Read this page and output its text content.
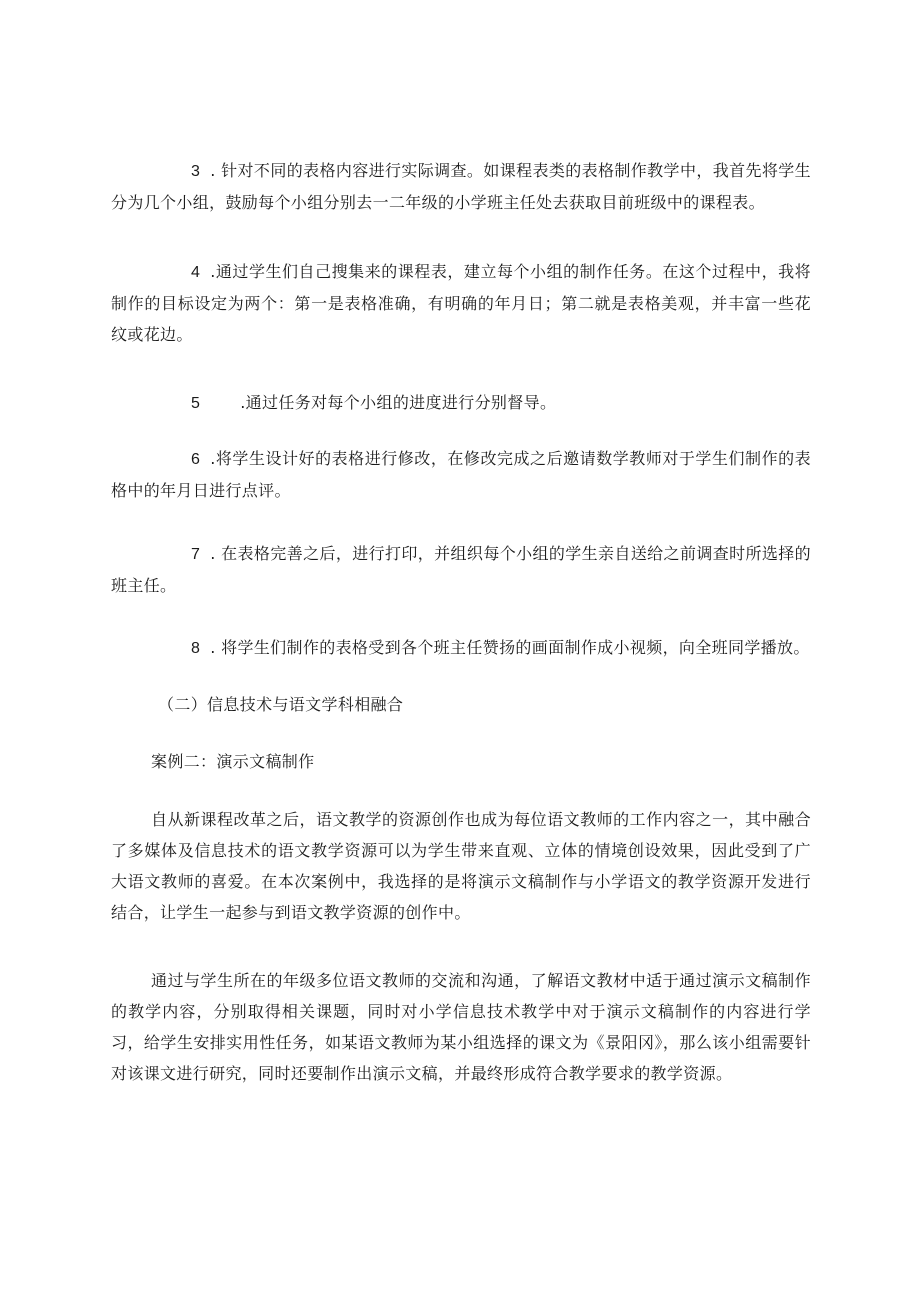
3 . 针对不同的表格内容进行实际调查。如课程表类的表格制作教学中，我首先将学生分为几个小组，鼓励每个小组分别去一二年级的小学班主任处去获取目前班级中的课程表。

4 .通过学生们自己搜集来的课程表，建立每个小组的制作任务。在这个过程中，我将制作的目标设定为两个：第一是表格准确，有明确的年月日；第二就是表格美观，并丰富一些花纹或花边。

5	.通过任务对每个小组的进度进行分别督导。

6 .将学生设计好的表格进行修改，在修改完成之后邀请数学教师对于学生们制作的表格中的年月日进行点评。

7 . 在表格完善之后，进行打印，并组织每个小组的学生亲自送给之前调查时所选择的班主任。

8 . 将学生们制作的表格受到各个班主任赞扬的画面制作成小视频，向全班同学播放。

（二）信息技术与语文学科相融合

案例二：演示文稿制作

自从新课程改革之后，语文教学的资源创作也成为每位语文教师的工作内容之一，其中融合了多媒体及信息技术的语文教学资源可以为学生带来直观、立体的情境创设效果，因此受到了广大语文教师的喜爱。在本次案例中，我选择的是将演示文稿制作与小学语文的教学资源开发进行结合，让学生一起参与到语文教学资源的创作中。

通过与学生所在的年级多位语文教师的交流和沟通，了解语文教材中适于通过演示文稿制作的教学内容，分别取得相关课题，同时对小学信息技术教学中对于演示文稿制作的内容进行学习，给学生安排实用性任务，如某语文教师为某小组选择的课文为《景阳冈》，那么该小组需要针对该课文进行研究，同时还要制作出演示文稿，并最终形成符合教学要求的教学资源。
